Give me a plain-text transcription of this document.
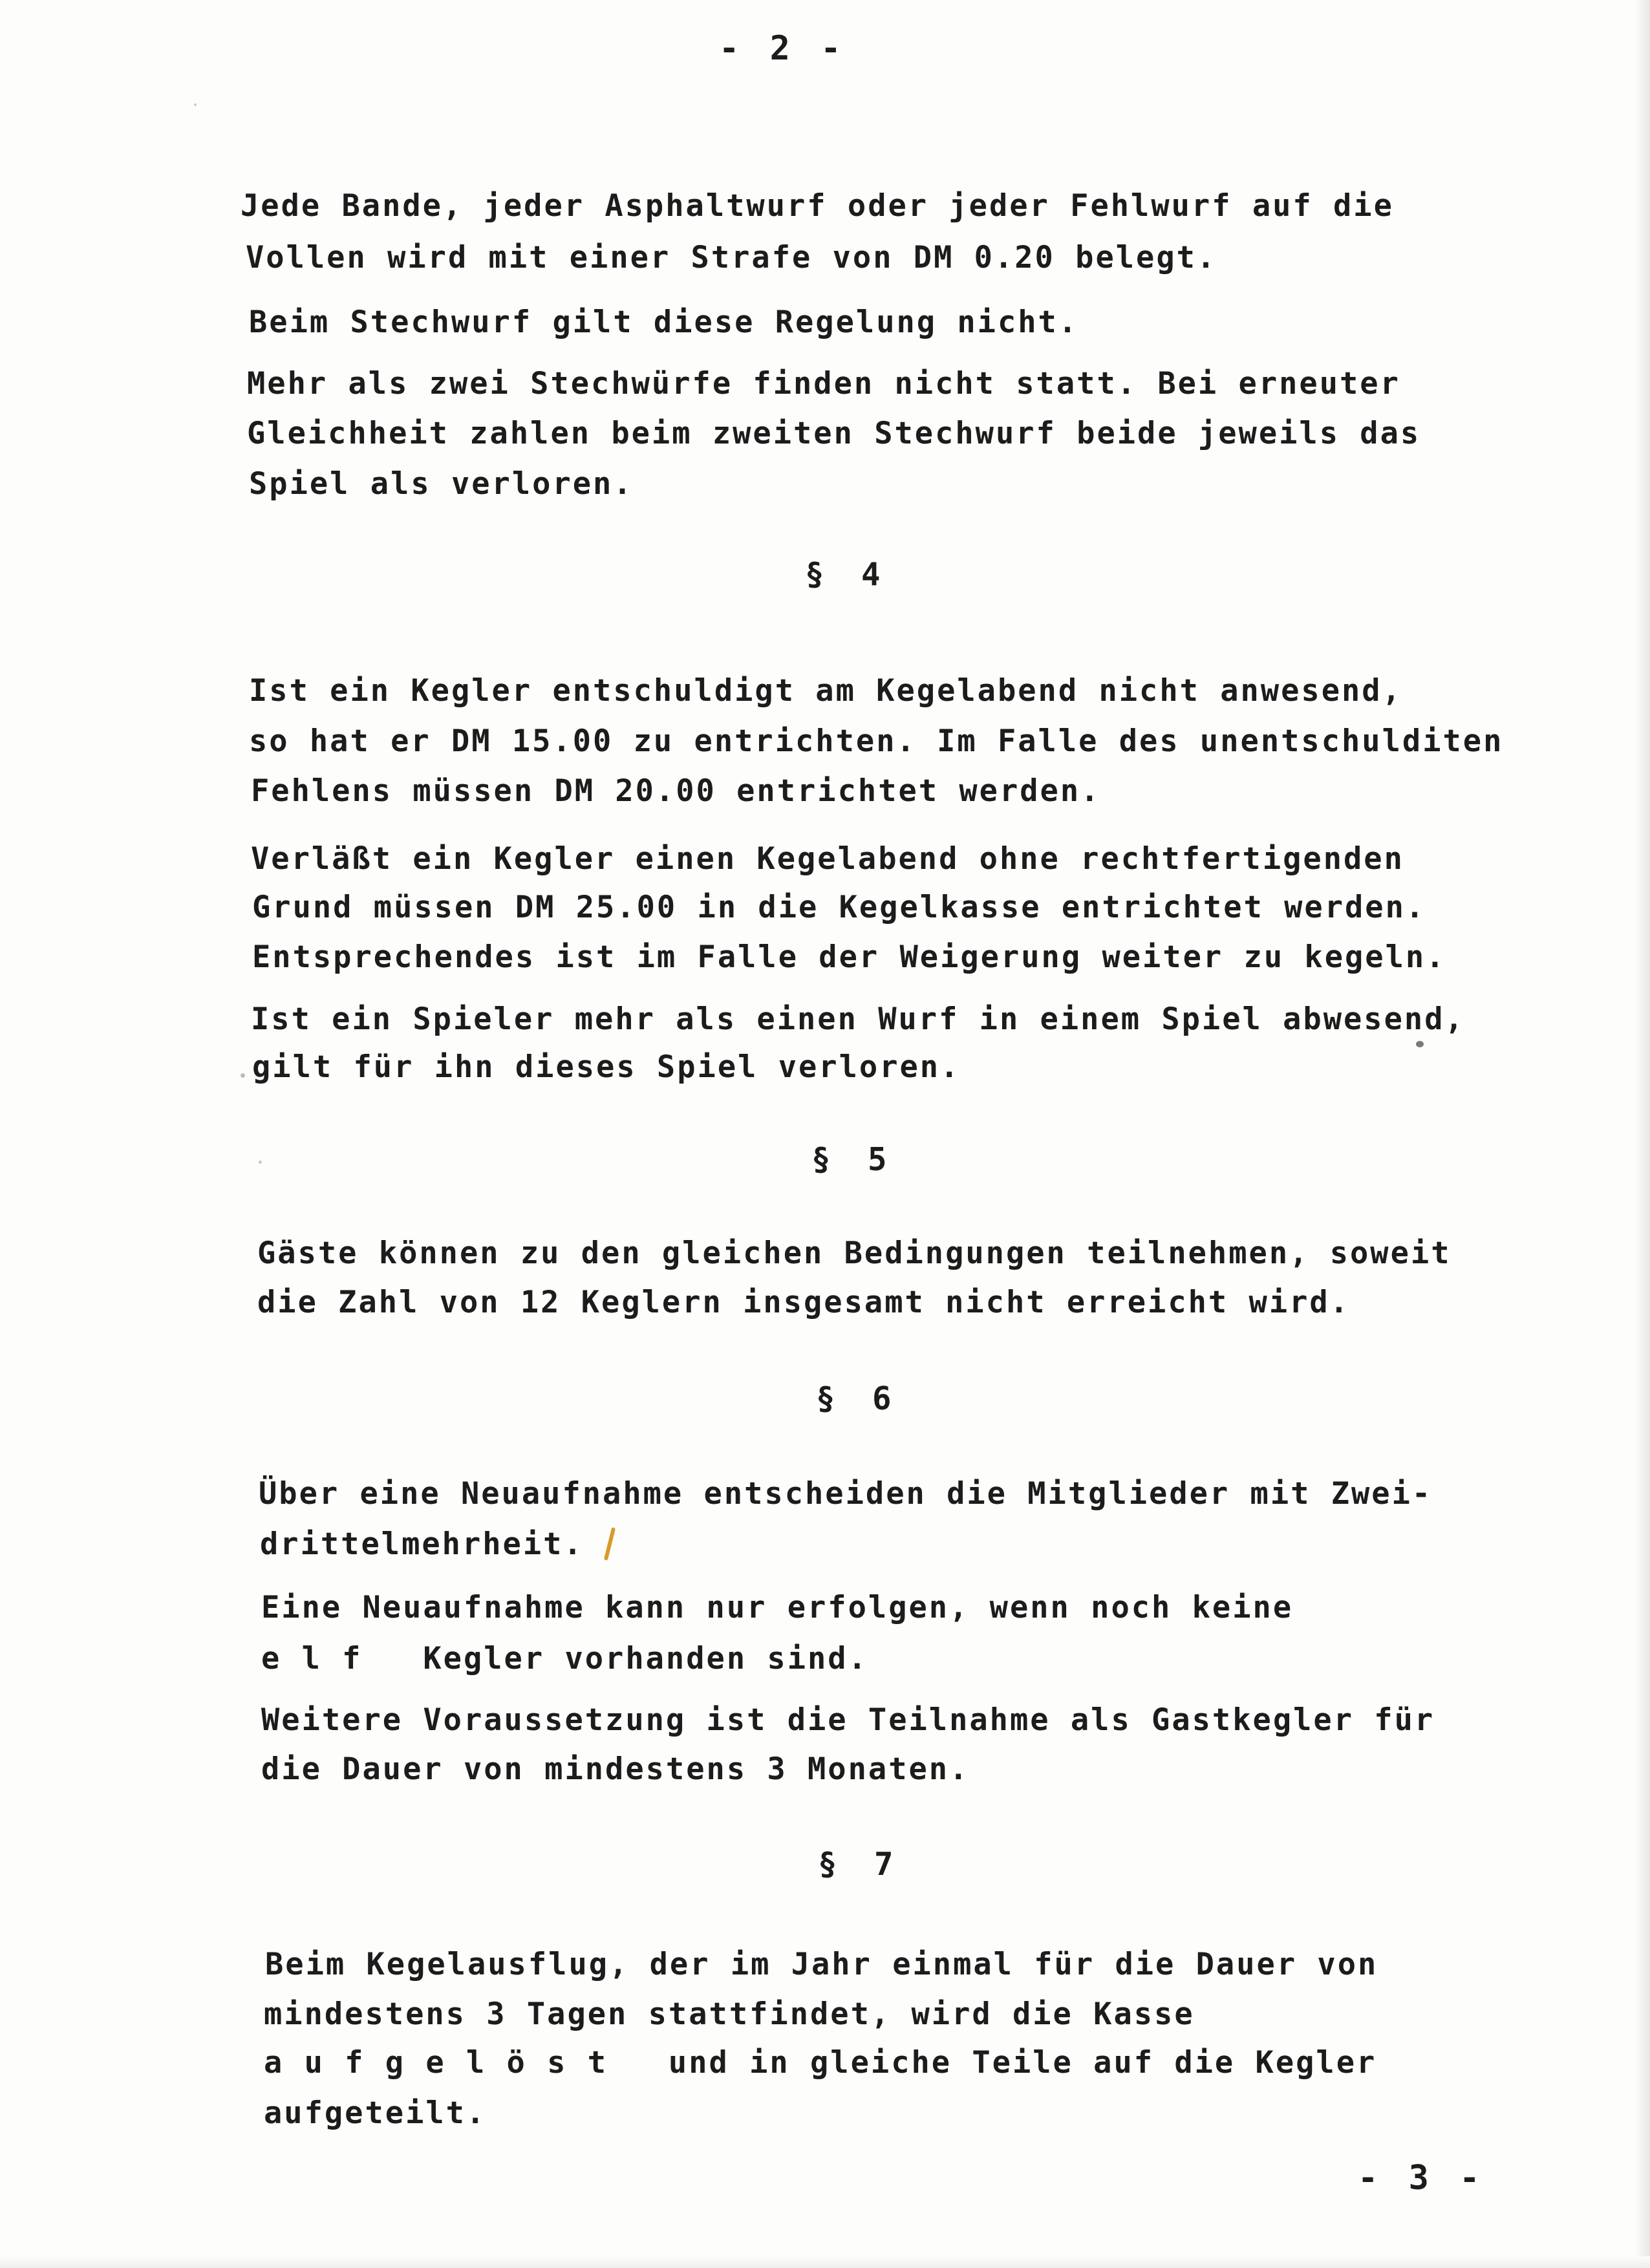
- 2 -

Jede Bande, jeder Asphaltwurf oder jeder Fehlwurf auf die

Vollen wird mit einer Strafe von DM 0.20 belegt.

Beim Stechwurf gilt diese Regelung nicht.

Mehr als zwei Stechwürfe finden nicht statt. Bei erneuter

Gleichheit zahlen beim zweiten Stechwurf beide jeweils das

Spiel als verloren.

§ 4

Ist ein Kegler entschuldigt am Kegelabend nicht anwesend,

so hat er DM 15.00 zu entrichten. Im Falle des unentschulditen

Fehlens müssen DM 20.00 entrichtet werden.

Verläßt ein Kegler einen Kegelabend ohne rechtfertigenden

Grund müssen DM 25.00 in die Kegelkasse entrichtet werden.

Entsprechendes ist im Falle der Weigerung weiter zu kegeln.

Ist ein Spieler mehr als einen Wurf in einem Spiel abwesend,

gilt für ihn dieses Spiel verloren.

§ 5

Gäste können zu den gleichen Bedingungen teilnehmen, soweit

die Zahl von 12 Keglern insgesamt nicht erreicht wird.

§ 6

Über eine Neuaufnahme entscheiden die Mitglieder mit Zwei-

drittelmehrheit.

Eine Neuaufnahme kann nur erfolgen, wenn noch keine

e l f   Kegler vorhanden sind.

Weitere Voraussetzung ist die Teilnahme als Gastkegler für

die Dauer von mindestens 3 Monaten.

§ 7

Beim Kegelausflug, der im Jahr einmal für die Dauer von

mindestens 3 Tagen stattfindet, wird die Kasse

a u f g e l ö s t   und in gleiche Teile auf die Kegler

aufgeteilt.

- 3 -
